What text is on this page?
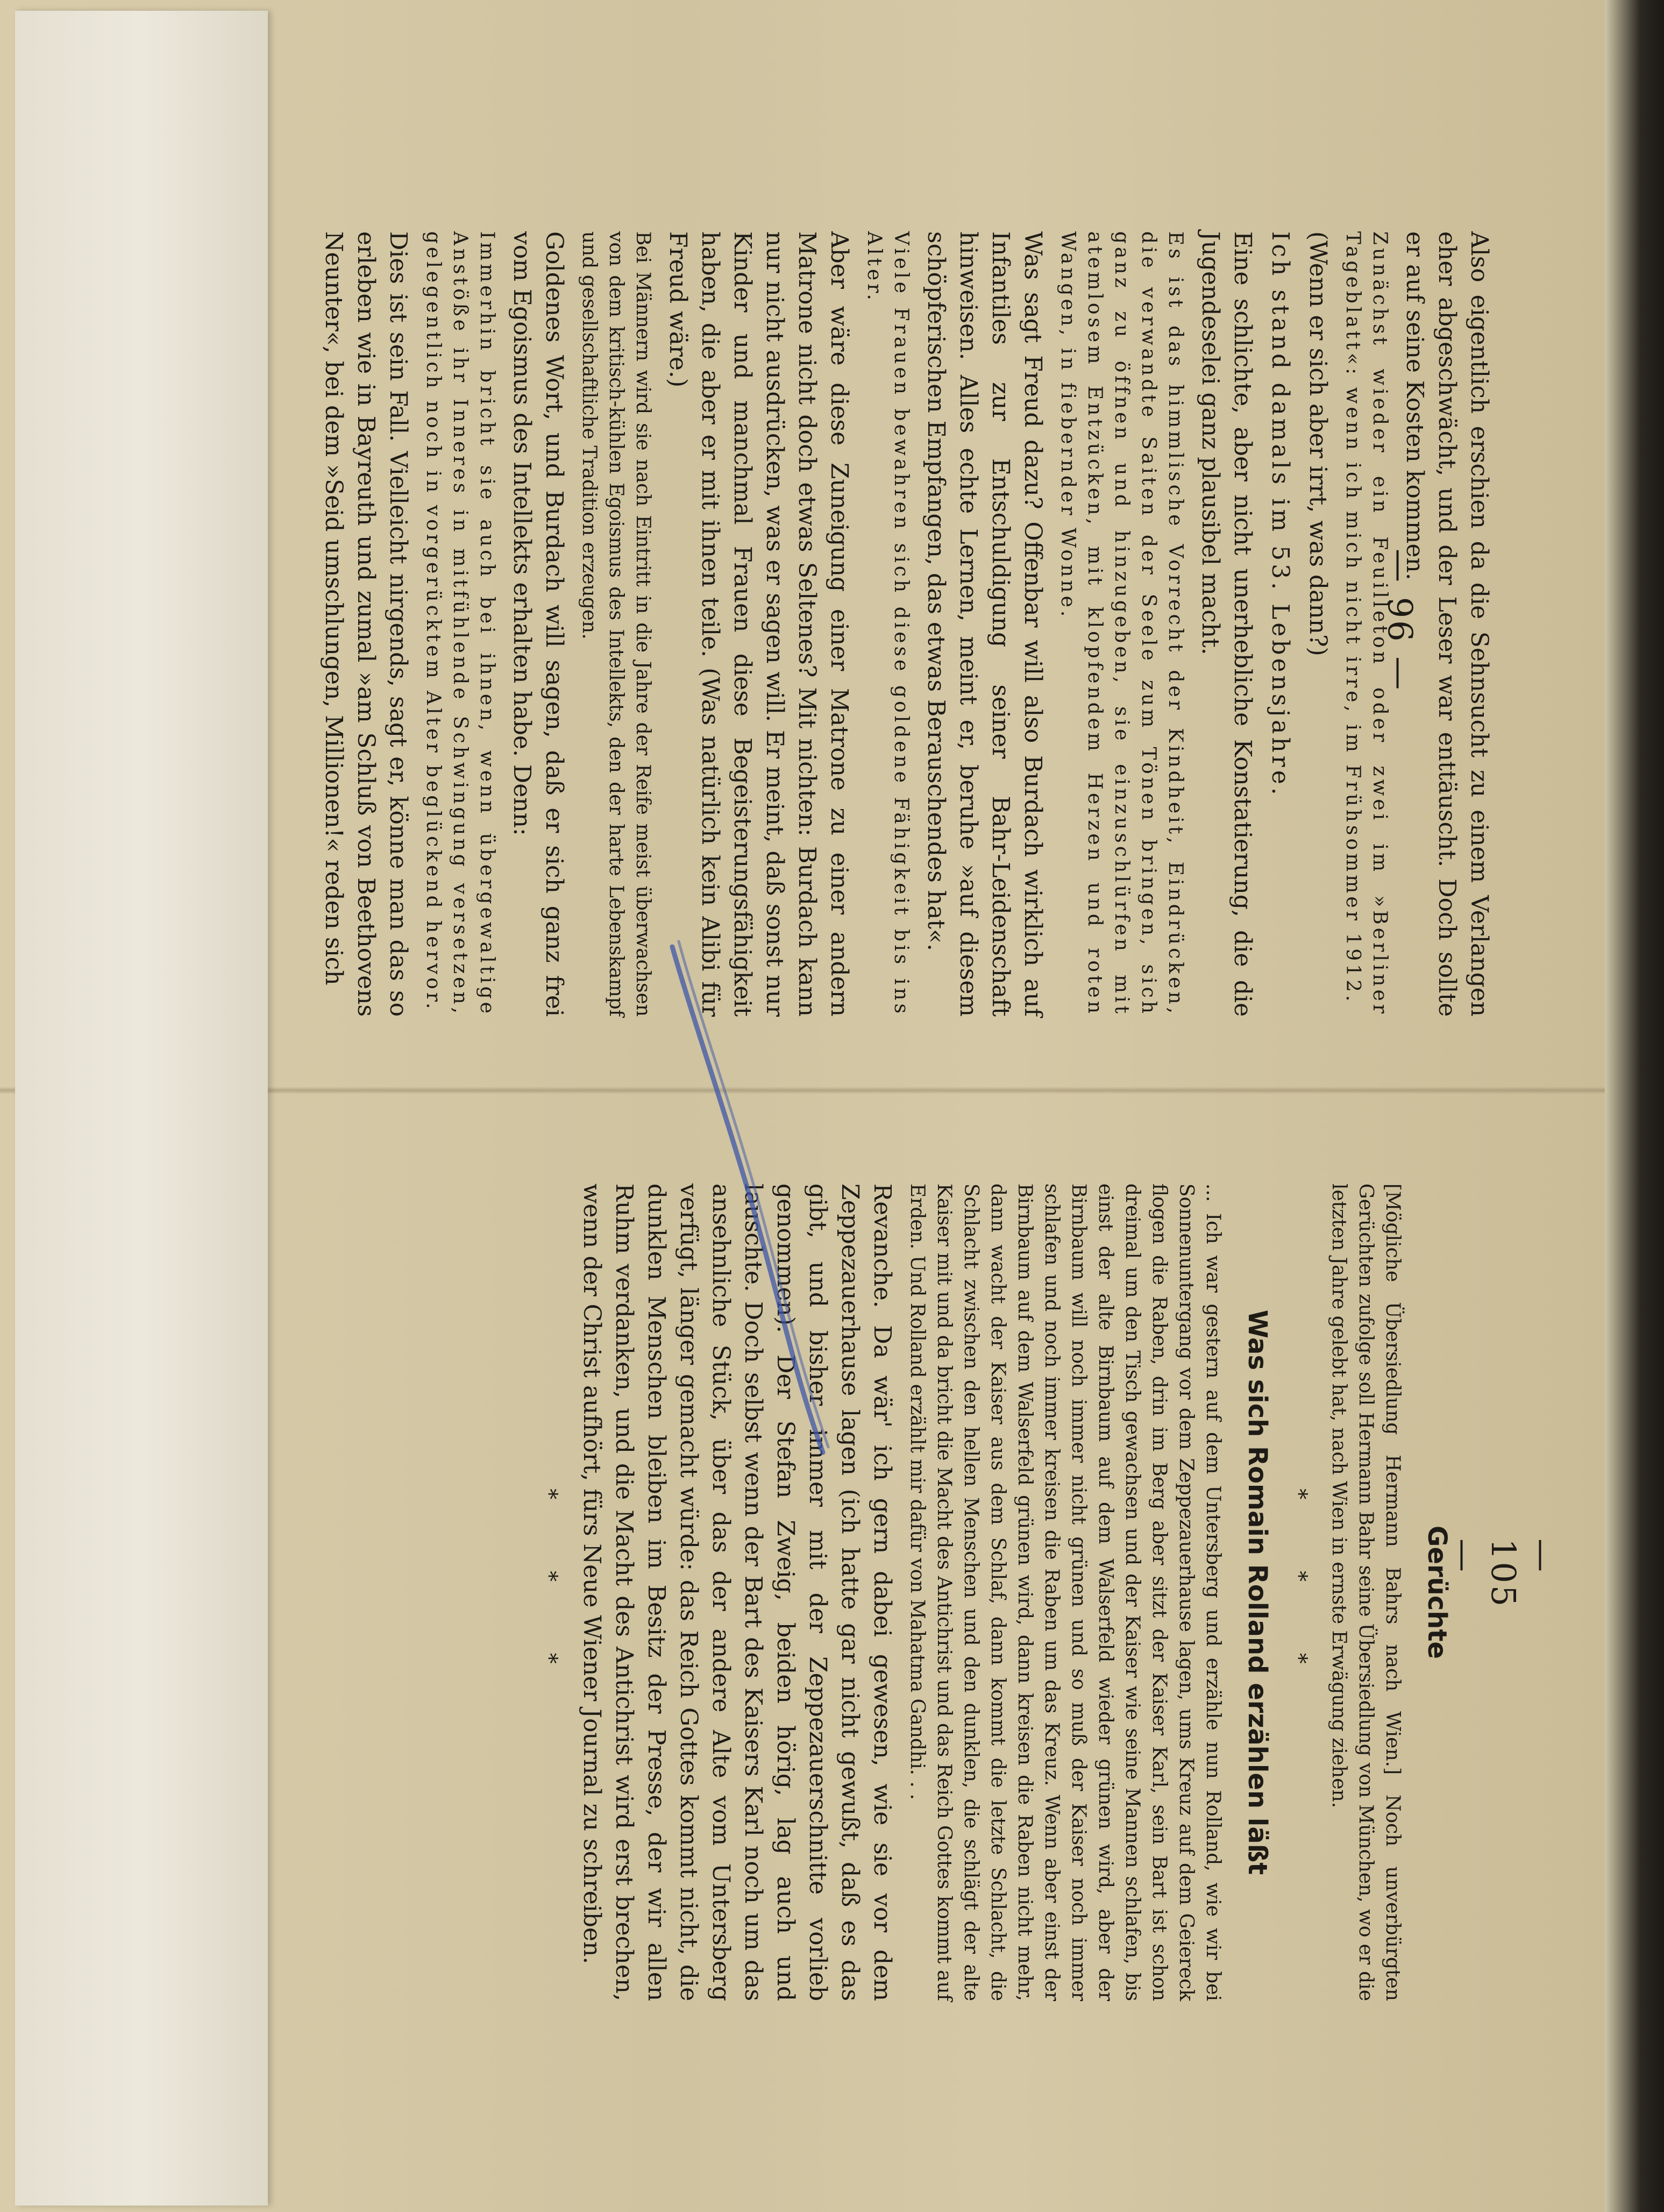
— 96 —
— 105 —

Also eigentlich erschien da die Sehnsucht zu einem Verlangen eher abgeschwächt, und der Leser war enttäuscht. Doch sollte er auf seine Kosten kommen.

Zunächst wieder ein Feuilleton oder zwei im »Berliner Tageblatt«: wenn ich mich nicht irre, im Frühsommer 1912.

(Wenn er sich aber irrt, was dann?)

Ich stand damals im 53. Lebensjahre.

Eine schlichte, aber nicht unerhebliche Konstatierung, die die Jugendeselei ganz plausibel macht.

Es ist das himmlische Vorrecht der Kindheit, Eindrücken, die verwandte Saiten der Seele zum Tönen bringen, sich ganz zu öffnen und hinzugeben, sie einzuschlürfen mit atemlosem Entzücken, mit klopfendem Herzen und roten Wangen, in fiebernder Wonne.

Was sagt Freud dazu? Offenbar will also Burdach wirklich auf Infantiles zur Entschuldigung seiner Bahr-Leidenschaft hinweisen. Alles echte Lernen, meint er, beruhe »auf diesem schöpferischen Empfangen, das etwas Berauschendes hat«.

Viele Frauen bewahren sich diese goldene Fähigkeit bis ins Alter.

Aber wäre diese Zuneigung einer Matrone zu einer andern Matrone nicht doch etwas Seltenes? Mit nichten: Burdach kann nur nicht ausdrücken, was er sagen will. Er meint, daß sonst nur Kinder und manchmal Frauen diese Begeisterungsfähigkeit haben, die aber er mit ihnen teile. (Was natürlich kein Alibi für Freud wäre.)

Bei Männern wird sie nach Eintritt in die Jahre der Reife meist überwachsen von dem kritisch-kühlen Egoismus des Intellekts, den der harte Lebenskampf und gesellschaftliche Tradition erzeugen.

Goldenes Wort, und Burdach will sagen, daß er sich ganz frei vom Egoismus des Intellekts erhalten habe. Denn:

Immerhin bricht sie auch bei ihnen, wenn übergewaltige Anstöße ihr Inneres in mitfühlende Schwingung versetzen, gelegentlich noch in vorgerücktem Alter beglückend hervor.

Dies ist sein Fall. Vielleicht nirgends, sagt er, könne man das so erleben wie in Bayreuth und zumal »am Schluß von Beethovens Neunter«, bei dem »Seid umschlungen, Millionen!« reden sich

Gerüchte

[Mögliche Übersiedlung Hermann Bahrs nach Wien.] Noch unverbürgten Gerüchten zufolge soll Hermann Bahr seine Übersiedlung von München, wo er die letzten Jahre gelebt hat, nach Wien in ernste Erwägung ziehen.

* * *
Was sich Romain Rolland erzählen läßt

... Ich war gestern auf dem Untersberg und erzähle nun Rolland, wie wir bei Sonnenuntergang vor dem Zeppezauerhause lagen, ums Kreuz auf dem Geiereck flogen die Raben, drin im Berg aber sitzt der Kaiser Karl, sein Bart ist schon dreimal um den Tisch gewachsen und der Kaiser wie seine Mannen schlafen, bis einst der alte Birnbaum auf dem Walserfeld wieder grünen wird, aber der Birnbaum will noch immer nicht grünen und so muß der Kaiser noch immer schlafen und noch immer kreisen die Raben um das Kreuz. Wenn aber einst der Birnbaum auf dem Walserfeld grünen wird, dann kreisen die Raben nicht mehr, dann wacht der Kaiser aus dem Schlaf, dann kommt die letzte Schlacht, die Schlacht zwischen den hellen Menschen und den dunklen, die schlägt der alte Kaiser mit und da bricht die Macht des Antichrist und das Reich Gottes kommt auf Erden. Und Rolland erzählt mir dafür von Mahatma Gandhi. . .

Revanche. Da wär' ich gern dabei gewesen, wie sie vor dem Zeppezauerhause lagen (ich hatte gar nicht gewußt, daß es das gibt, und bisher immer mit der Zeppezauerschnitte vorlieb genommen). Der Stefan Zweig, beiden hörig, lag auch und lauschte. Doch selbst wenn der Bart des Kaisers Karl noch um das ansehnliche Stück, über das der andere Alte vom Untersberg verfügt, länger gemacht würde: das Reich Gottes kommt nicht, die dunklen Menschen bleiben im Besitz der Presse, der wir allen Ruhm verdanken, und die Macht des Antichrist wird erst brechen, wenn der Christ aufhört, fürs Neue Wiener Journal zu schreiben.

* * *
